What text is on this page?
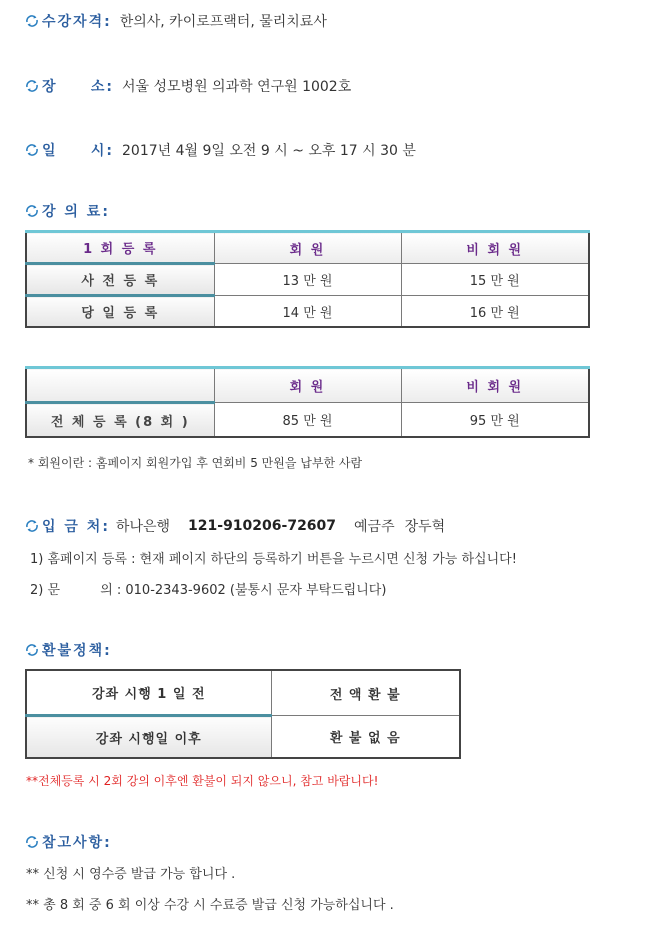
수강자격: 한의사, 카이로프랙터, 물리치료사
장 소: 서울 성모병원 의과학 연구원 1002호
일 시: 2017년 4월 9일 오전 9 시 ~ 오후 17 시 30 분
강 의 료:
1 회 등 록	회 원	비 회 원
사 전 등 록	13 만 원	15 만 원
당 일 등 록	14 만 원	16 만 원
	회 원	비 회 원
전 체 등 록 (8 회 )	85 만 원	95 만 원
* 회원이란 : 홈페이지 회원가입 후 연회비 5 만원을 납부한 사람
입 금 처: 하나은행 121-910206-72607 예금주 장두혁
1) 홈페이지 등록 : 현재 페이지 하단의 등록하기 버튼을 누르시면 신청 가능 하십니다!
2) 문	의 : 010-2343-9602 (불통시 문자 부탁드립니다)
환불정책:
강좌 시행 1 일 전	전 액 환 불
강좌 시행일 이후	환 불 없 음
**전체등록 시 2회 강의 이후엔 환불이 되지 않으니, 참고 바랍니다!
참고사항:
** 신청 시 영수증 발급 가능 합니다 .
** 총 8 회 중 6 회 이상 수강 시 수료증 발급 신청 가능하십니다 .
